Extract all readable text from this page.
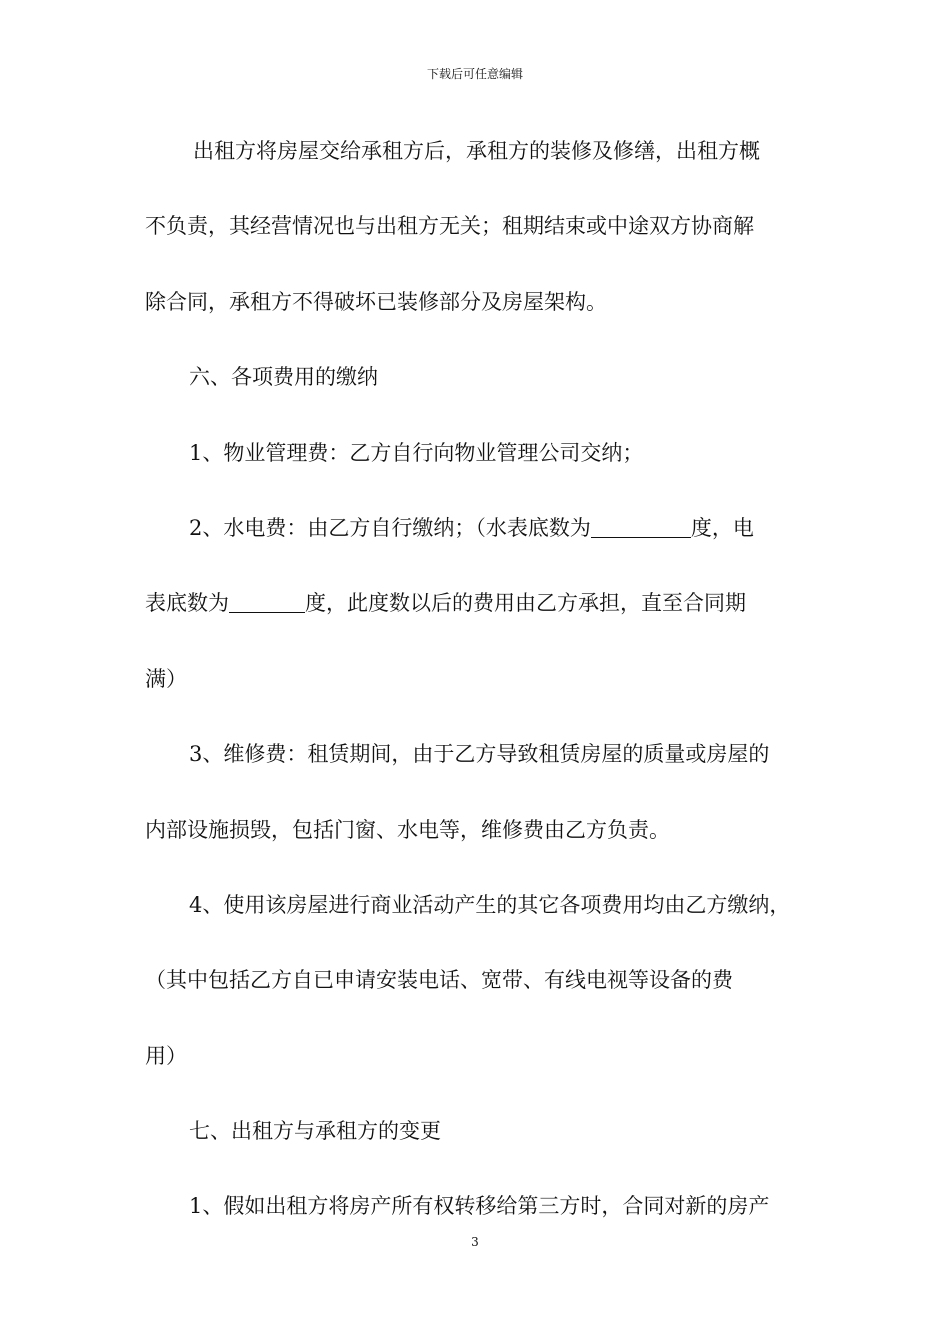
下载后可任意编辑
出租方将房屋交给承租方后，承租方的装修及修缮，出租方概
不负责，其经营情况也与出租方无关；租期结束或中途双方协商解
除合同，承租方不得破坏已装修部分及房屋架构。
六、各项费用的缴纳
1、物业管理费：乙方自行向物业管理公司交纳；
2、水电费：由乙方自行缴纳；（水表底数为	度，电
表底数为	度，此度数以后的费用由乙方承担，直至合同期
满）
3、维修费：租赁期间，由于乙方导致租赁房屋的质量或房屋的
内部设施损毁，包括门窗、水电等，维修费由乙方负责。
4、使用该房屋进行商业活动产生的其它各项费用均由乙方缴纳，
（其中包括乙方自已申请安装电话、宽带、有线电视等设备的费
用）
七、出租方与承租方的变更
1、假如出租方将房产所有权转移给第三方时，合同对新的房产
3
